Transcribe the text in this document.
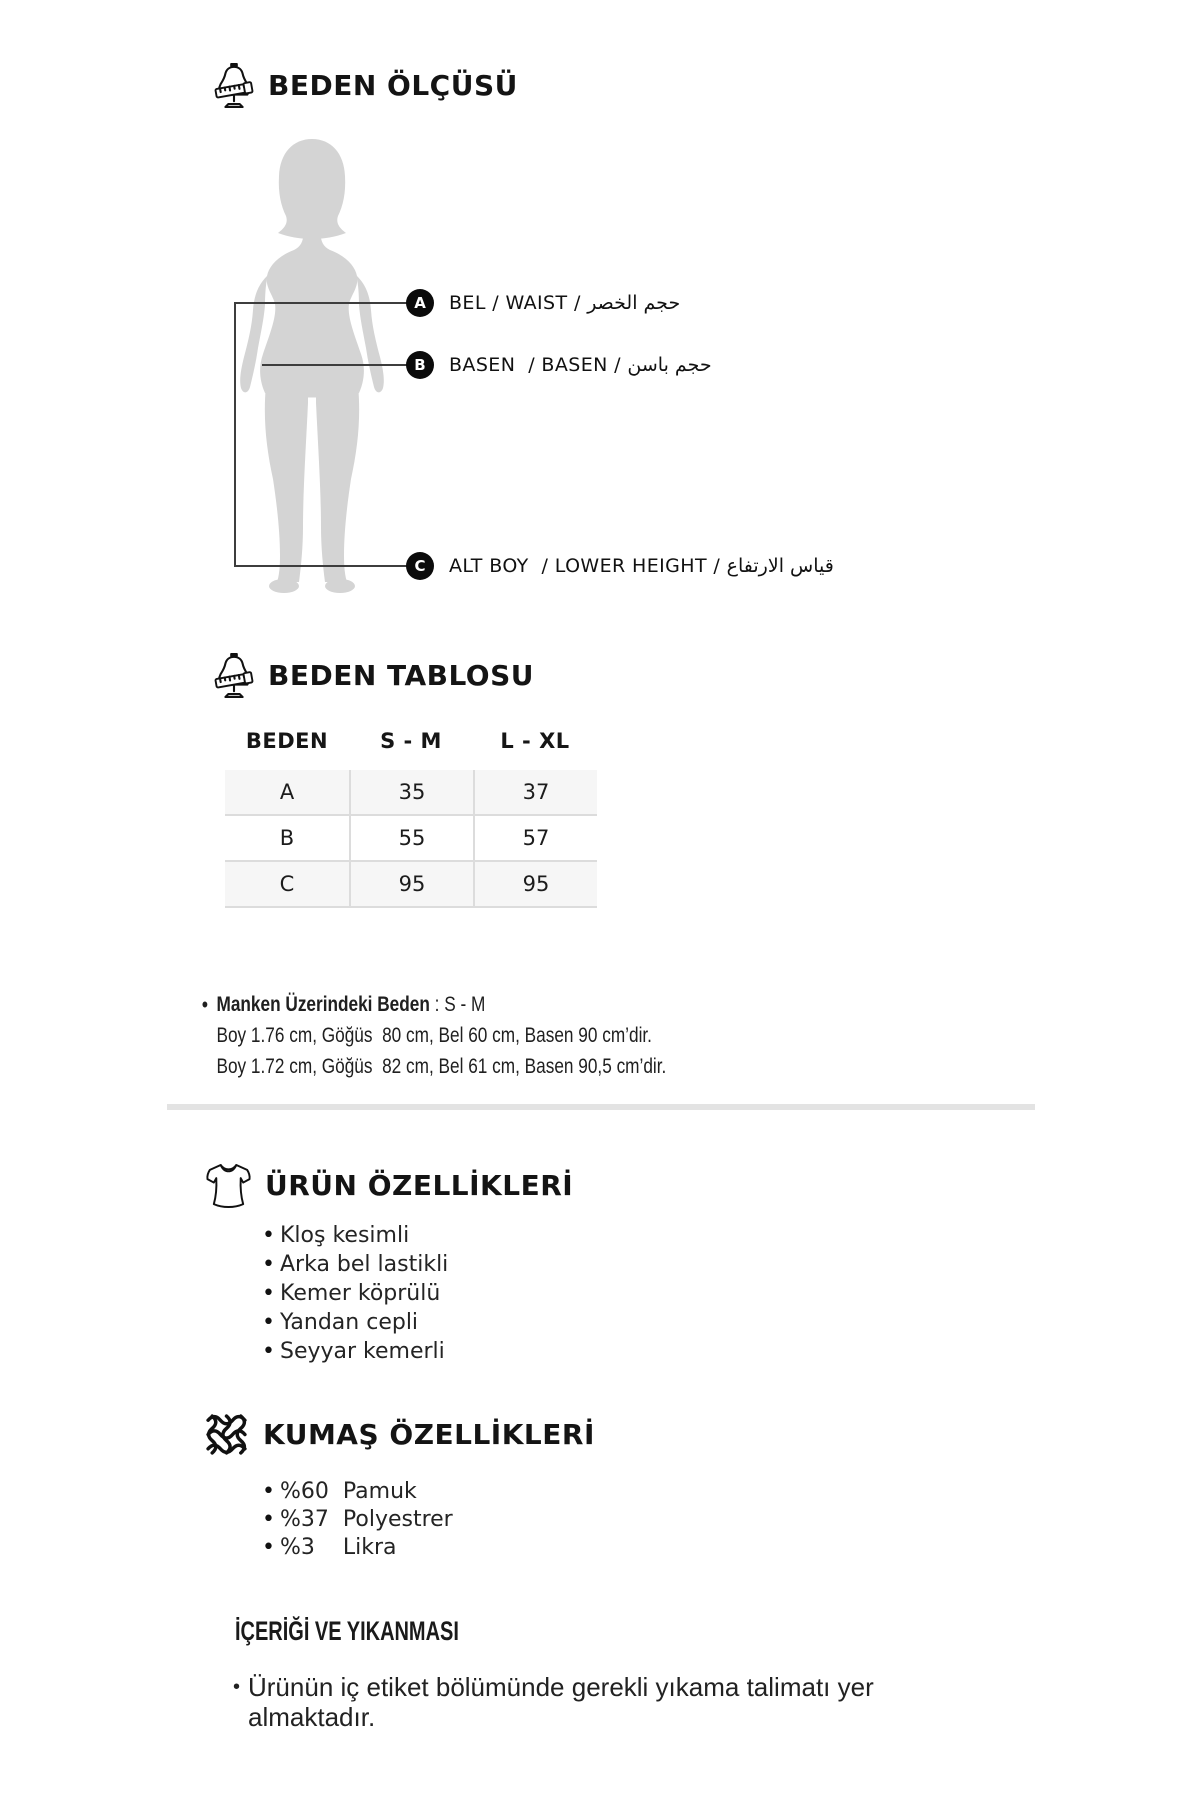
BEDEN ÖLÇÜSÜ
A	BEL / WAIST / حجم الخصر
B	BASEN  / BASEN / حجم باسن
C	ALT BOY  / LOWER HEIGHT / قياس الارتفاع
BEDEN TABLOSU
BEDEN	S - M	L - XL
A	35	37
B	55	57
C	95	95
• Manken Üzerindeki Beden : S - M
Boy 1.76 cm, Göğüs  80 cm, Bel 60 cm, Basen 90 cm’dir.
Boy 1.72 cm, Göğüs  82 cm, Bel 61 cm, Basen 90,5 cm’dir.
ÜRÜN ÖZELLİKLERİ
• Kloş kesimli
• Arka bel lastikli
• Kemer köprülü
• Yandan cepli
• Seyyar kemerli
KUMAŞ ÖZELLİKLERİ
• %60  Pamuk
• %37  Polyestrer
• %3    Likra
İÇERİĞİ VE YIKANMASI
• Ürünün iç etiket bölümünde gerekli yıkama talimatı yer
almaktadır.
